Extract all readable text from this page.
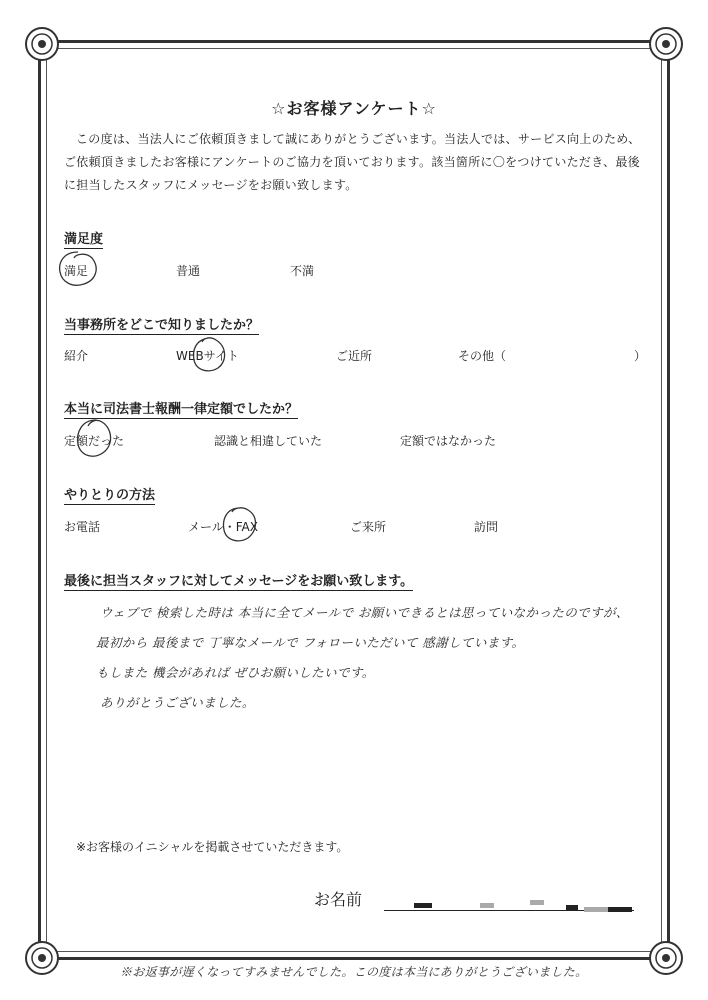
☆お客様アンケート☆

この度は、当法人にご依頼頂きまして誠にありがとうございます。当法人では、サービス向上のため、ご依頼頂きましたお客様にアンケートのご協力を頂いております。該当箇所に〇をつけていただき、最後に担当したスタッフにメッセージをお願い致します。

満足度
満足	普通	不満
当事務所をどこで知りましたか？
紹介	WEBサイト	ご近所	その他（	）
本当に司法書士報酬一律定額でしたか？
定額だった	認識と相違していた	定額ではなかった
やりとりの方法
お電話	メール・FAX	ご来所	訪問
最後に担当スタッフに対してメッセージをお願い致します。
ウェブで 検索した時は 本当に全てメールで お願いできるとは思っていなかったのですが、
最初から 最後まで 丁寧なメールで フォローいただいて 感謝しています。
もしまた 機会があれば ぜひお願いしたいです。
ありがとうございました。
※お客様のイニシャルを掲載させていただきます。
お名前
※お返事が遅くなってすみませんでした。この度は本当にありがとうございました。
